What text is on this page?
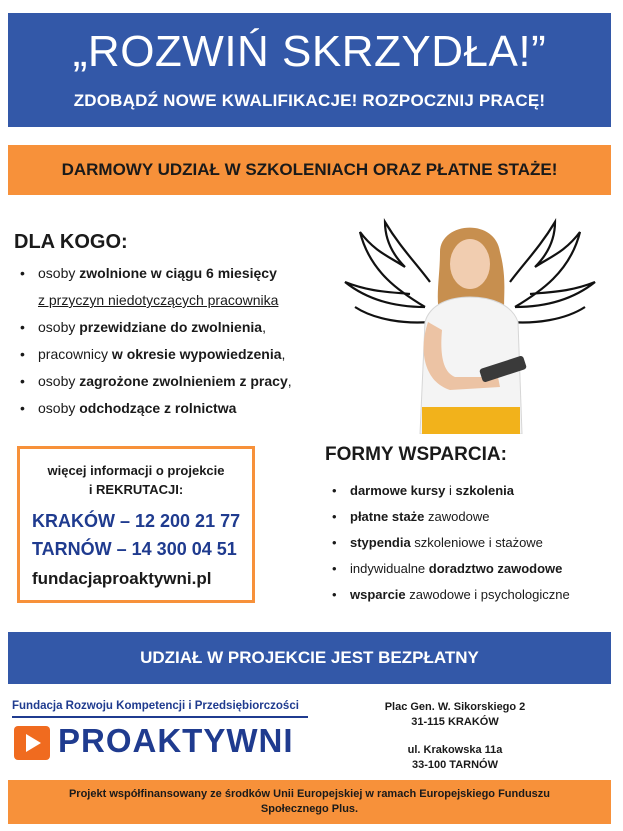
„ROZWIŃ SKRZYDŁA!”
ZDOBĄDŹ NOWE KWALIFIKACJE! ROZPOCZNIJ PRACĘ!
DARMOWY UDZIAŁ W SZKOLENIACH ORAZ PŁATNE STAŻE!
DLA KOGO:
• osoby zwolnione w ciągu 6 miesięcy
z przyczyn niedotyczących pracownika
• osoby przewidziane do zwolnienia,
• pracownicy w okresie wypowiedzenia,
• osoby zagrożone zwolnieniem z pracy,
• osoby odchodzące z rolnictwa
więcej informacji o projekcie
i REKRUTACJI:
KRAKÓW – 12 200 21 77
TARNÓW – 14 300 04 51
fundacjaproaktywni.pl
FORMY WSPARCIA:
• darmowe kursy i szkolenia
• płatne staże zawodowe
• stypendia szkoleniowe i stażowe
• indywidualne doradztwo zawodowe
• wsparcie zawodowe i psychologiczne
UDZIAŁ W PROJEKCIE JEST BEZPŁATNY
Fundacja Rozwoju Kompetencji i Przedsiębiorczości
PROAKTYWNI
Plac Gen. W. Sikorskiego 2
31-115 KRAKÓW
ul. Krakowska 11a
33-100 TARNÓW
Projekt współfinansowany ze środków Unii Europejskiej w ramach Europejskiego Funduszu Społecznego Plus.
